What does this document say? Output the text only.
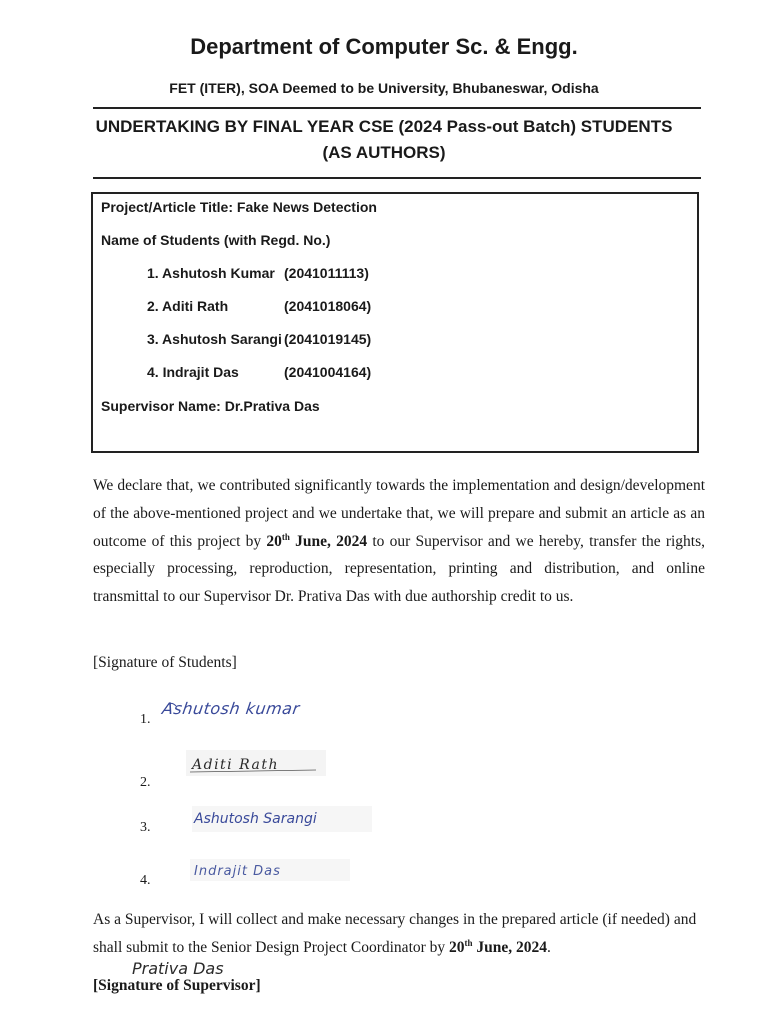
Department of Computer Sc. & Engg.
FET (ITER), SOA Deemed to be University, Bhubaneswar, Odisha
UNDERTAKING BY FINAL YEAR CSE (2024 Pass-out Batch) STUDENTS
(AS AUTHORS)
Project/Article Title: Fake News Detection
Name of Students (with Regd. No.)
1. Ashutosh Kumar (2041011113)
2. Aditi Rath	(2041018064)
3. Ashutosh Sarangi (2041019145)
4. Indrajit Das	(2041004164)
Supervisor Name: Dr.Prativa Das
We declare that, we contributed significantly towards the implementation and design/development of the above-mentioned project and we undertake that, we will prepare and submit an article as an outcome of this project by 20th June, 2024 to our Supervisor and we hereby, transfer the rights, especially processing, reproduction, representation, printing and distribution, and online transmittal to our Supervisor Dr. Prativa Das with due authorship credit to us.
[Signature of Students]
1.
2.
3.
4.
Ashutosh kumar
Aditi Rath
Ashutosh Sarangi
Indrajit Das
As a Supervisor, I will collect and make necessary changes in the prepared article (if needed) and shall submit to the Senior Design Project Coordinator by 20th June, 2024.
Prativa Das
[Signature of Supervisor]
